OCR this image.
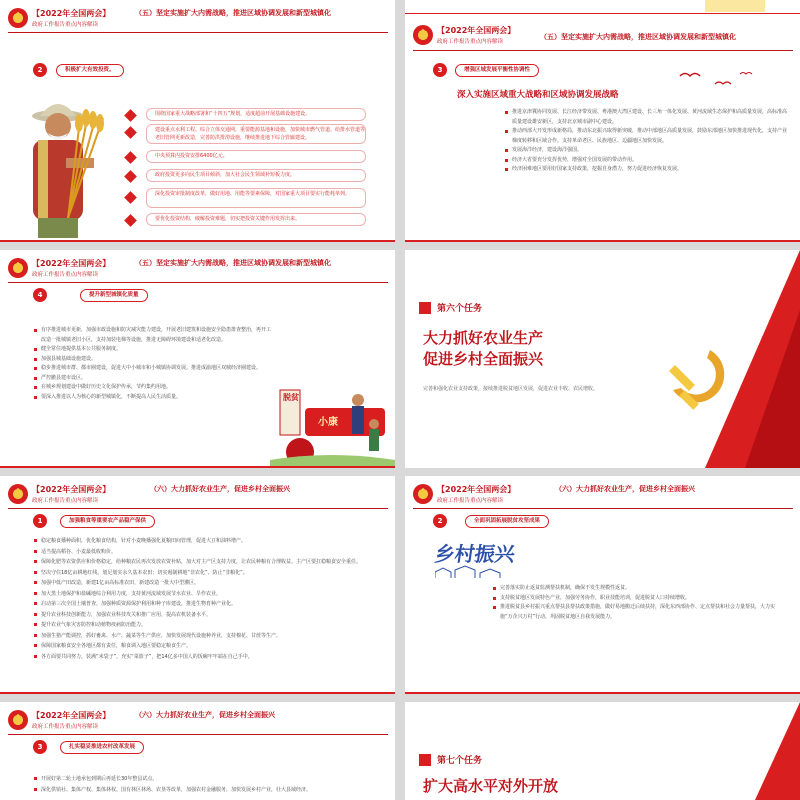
【2022年全国两会】
政府工作报告重点内容解读
（五）坚定实施扩大内需战略，推进区域协调发展和新型城镇化
2	积极扩大有效投资。
围绕国家重大战略部署和“十四五”规划，适度超前开展基础设施建设。
建设重点水利工程、综合立体交通网，重要能源基地和设施，加快城市燃气管道、给排水管道等老旧管网更新改造，完善防洪排涝设施，继续推进地下综合管廊建设。
中央预算内投资安排6400亿元。
政府投资更多向民生项目倾斜，加大社会民生领域补短板力度。
深化投资审批制度改革，做好用地、用能等要素保障，对国家重大项目要实行能耗单列。
要优化投资结构，破解投资难题，切实把投资关键作用发挥出来。
【2022年全国两会】
政府工作报告重点内容解读
（五）坚定实施扩大内需战略，推进区域协调发展和新型城镇化
3	增强区域发展平衡性协调性
深入实施区域重大战略和区域协调发展战略
推进京津冀协同发展、长江经济带发展、粤港澳大湾区建设、长三角一体化发展、黄河流域生态保护和高质量发展，高标准高质量建设雄安新区，支持北京城市副中心建设。
推动西部大开发形成新格局，推动东北振兴取得新突破，推动中部地区高质量发展，鼓励东部地区加快推进现代化，支持产业梯度转移和区域合作。支持革命老区、民族地区、边疆地区加快发展。
发展海洋经济，建设海洋强国。
经济大省要充分发挥优势，增强对全国发展的带动作用。
经济困难地区要用好国家支持政策，挖掘自身潜力，努力促进经济恢复发展。
【2022年全国两会】
政府工作报告重点内容解读
（五）坚定实施扩大内需战略，推进区域协调发展和新型城镇化
4	提升新型城镇化质量
有序推进城市更新，加强市政设施和防灾减灾能力建设，开展老旧建筑和设施安全隐患排查整治，再开工改造一批城镇老旧小区，支持加装电梯等设施，推进无障碍环境建设和适老化改造。
健全常住地提供基本公共服务制度。
加强县城基础设施建设。
稳步推进城市群、都市圈建设，促进大中小城市和小城镇协调发展。推进成渝地区双城经济圈建设。
严控撤县建市设区。
在城乡规划建设中做好历史文化保护传承，节约集约用地。
要深入推进以人为核心的新型城镇化，不断提高人民生活质量。	脱贫
小康
第六个任务
大力抓好农业生产
促进乡村全面振兴
完善和强化农业支持政策，接续推进脱贫地区发展，促进农业丰收、农民增收。
【2022年全国两会】
政府工作报告重点内容解读
（六）大力抓好农业生产，促进乡村全面振兴
1	加强粮食等重要农产品稳产保供
稳定粮食播种面积，优化粮食结构，针对小麦晚播强化夏粮田间管理，促进大豆和油料增产。
适当提高稻谷、小麦最低收购价。
保障化肥等农资供应和价格稳定，给种粮农民再次发放农资补贴，加大对主产区支持力度，让农民种粮有合理收益。主产区要扛稳粮食安全重任。
坚决守住18亿亩耕地红线，划足划实永久基本农田；切实遏制耕地“非农化”、防止“非粮化”。
加强中低产田改造，新建1亿亩高标准农田，新建改造一批大中型灌区。
加大黑土地保护和盐碱地综合利用力度，支持黄河流域发展节水农业、旱作农业。
启动第三次全国土壤普查，加强种质资源保护利用和种子库建设，推进生物育种产业化。
提升农业科技创新能力，加强农业科技攻关和推广应用，提高农机装备水平。
提升农业气象灾害防控和动植物疫病防治能力。
加强生猪产能调控，抓好畜禽、水产、蔬菜等生产供应，加快发展现代设施种养业，支持棉花、甘蔗等生产。
保障国家粮食安全各地区都有责任，粮食调入地区要稳定粮食生产。
各方面要共同努力，装满“米袋子”，充实“菜篮子”，把14亿多中国人的饭碗牢牢端在自己手中。
【2022年全国两会】
政府工作报告重点内容解读
（六）大力抓好农业生产，促进乡村全面振兴
2	全面巩固拓展脱贫攻坚成果
乡村振兴
完善落实防止返贫监测帮扶机制，确保不发生规模性返贫。
支持脱贫地区发展特色产业，加强劳务协作，职业技能培训，促进脱贫人口持续增收。
推进脱贫县乡村振兴重点帮扶县帮扶政策措施，做好易地搬迁后续扶持，深化东西部协作、定点帮扶和社会力量帮扶，大力实施“万企兴万村”行动，巩固脱贫地区自我发展能力。
【2022年全国两会】
政府工作报告重点内容解读
（六）大力抓好农业生产，促进乡村全面振兴
3	扎实稳妥推进农村改革发展
开展好第二轮土地承包到期后再延长30年整县试点。
深化供销社、集体产权、集体林权、国有林区林场、农垦等改革，加强农村金融服务，加快发展乡村产业，壮大县域经济。
第七个任务
扩大高水平对外开放
